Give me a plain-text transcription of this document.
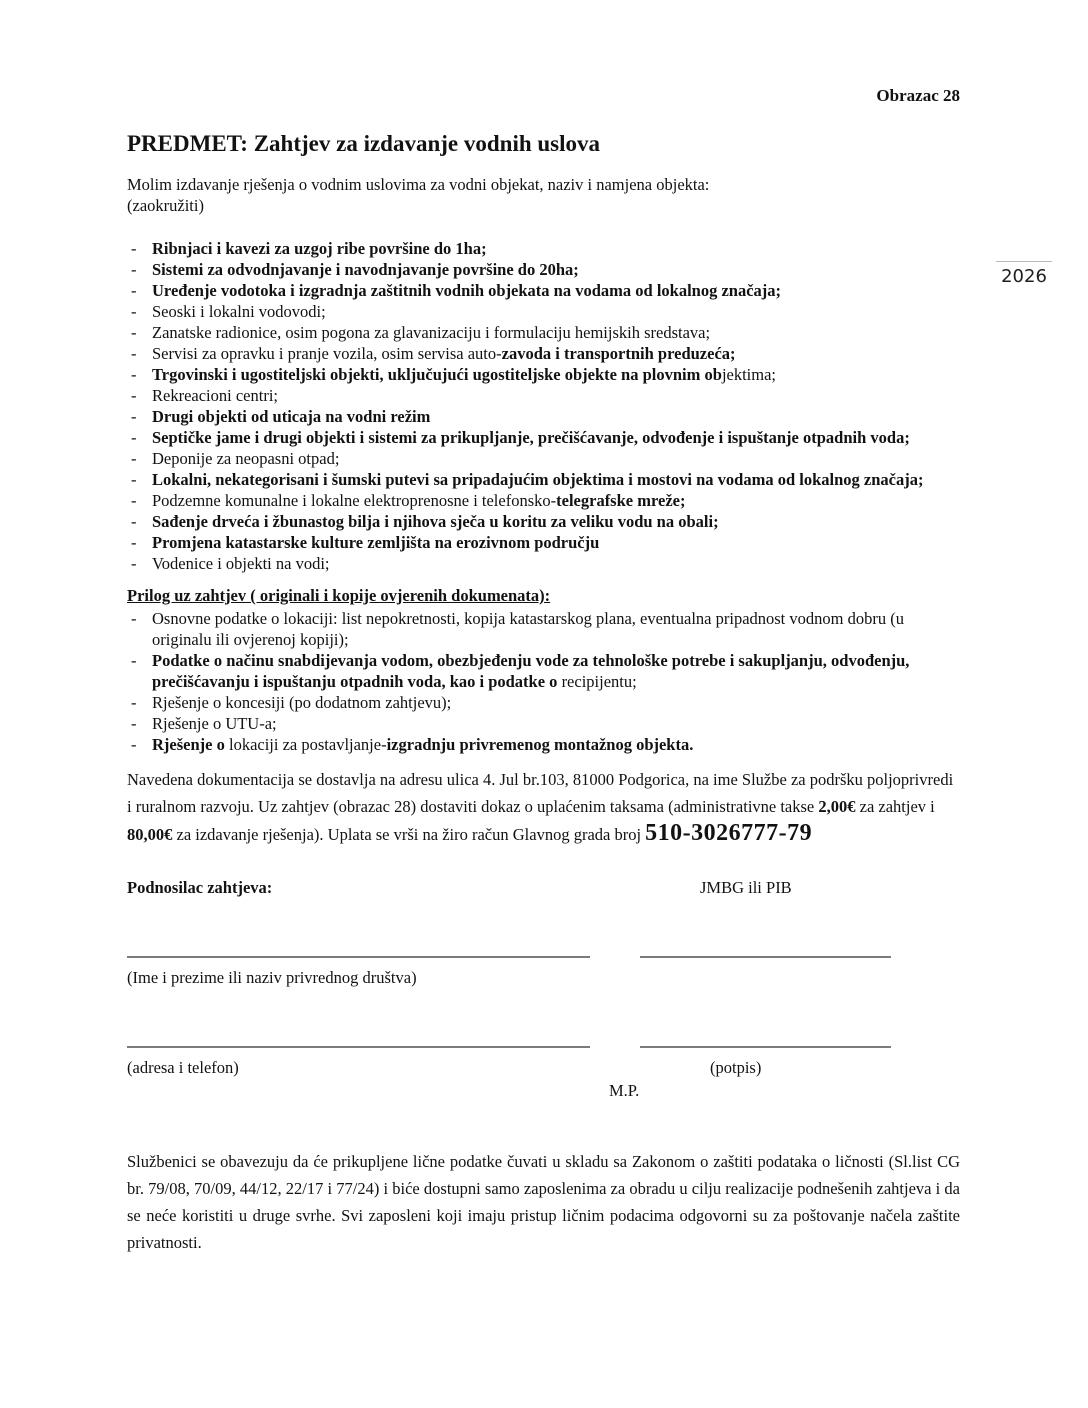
Obrazac 28
PREDMET: Zahtjev za izdavanje vodnih uslova

Molim izdavanje rješenja o vodnim uslovima za vodni objekat, naziv i namjena objekta:
(zaokružiti)

- Ribnjaci i kavezi za uzgoj ribe površine do 1ha;
- Sistemi za odvodnjavanje i navodnjavanje površine do 20ha;
- Uređenje vodotoka i izgradnja zaštitnih vodnih objekata na vodama od lokalnog značaja;
- Seoski i lokalni vodovodi;
- Zanatske radionice, osim pogona za glavanizaciju i formulaciju hemijskih sredstava;
- Servisi za opravku i pranje vozila, osim servisa auto-zavoda i transportnih preduzeća;
- Trgovinski i ugostiteljski objekti, uključujući ugostiteljske objekte na plovnim objektima;
- Rekreacioni centri;
- Drugi objekti od uticaja na vodni režim
- Septičke jame i drugi objekti i sistemi za prikupljanje, prečišćavanje, odvođenje i ispuštanje otpadnih voda;
- Deponije za neopasni otpad;
- Lokalni, nekategorisani i šumski putevi sa pripadajućim objektima i mostovi na vodama od lokalnog značaja;
- Podzemne komunalne i lokalne elektroprenosne i telefonsko-telegrafske mreže;
- Sađenje drveća i žbunastog bilja i njihova sječa u koritu za veliku vodu na obali;
- Promjena katastarske kulture zemljišta na erozivnom području
- Vodenice i objekti na vodi;
Prilog uz zahtjev ( originali i kopije ovjerenih dokumenata):
- Osnovne podatke o lokaciji: list nepokretnosti, kopija katastarskog plana, eventualna pripadnost vodnom dobru (u originalu ili ovjerenoj kopiji);
- Podatke o načinu snabdijevanja vodom, obezbjeđenju vode za tehnološke potrebe i sakupljanju, odvođenju, prečišćavanju i ispuštanju otpadnih voda, kao i podatke o recipijentu;
- Rješenje o koncesiji (po dodatnom zahtjevu);
- Rješenje o UTU-a;
- Rješenje o lokaciji za postavljanje-izgradnju privremenog montažnog objekta.

Navedena dokumentacija se dostavlja na adresu ulica 4. Jul br.103, 81000 Podgorica, na ime Službe za podršku poljoprivredi i ruralnom razvoju. Uz zahtjev (obrazac 28) dostaviti dokaz o uplaćenim taksama (administrativne takse 2,00€ za zahtjev i 80,00€ za izdavanje rješenja). Uplata se vrši na žiro račun Glavnog grada broj 510-3026777-79

Podnosilac zahtjeva:	JMBG ili PIB
(Ime i prezime ili naziv privrednog društva)
(adresa i telefon)	(potpis)
M.P.

Službenici se obavezuju da će prikupljene lične podatke čuvati u skladu sa Zakonom o zaštiti podataka o ličnosti (Sl.list CG br. 79/08, 70/09, 44/12, 22/17 i 77/24) i biće dostupni samo zaposlenima za obradu u cilju realizacije podnešenih zahtjeva i da se neće koristiti u druge svrhe. Svi zaposleni koji imaju pristup ličnim podacima odgovorni su za poštovanje načela zaštite privatnosti.

2026
